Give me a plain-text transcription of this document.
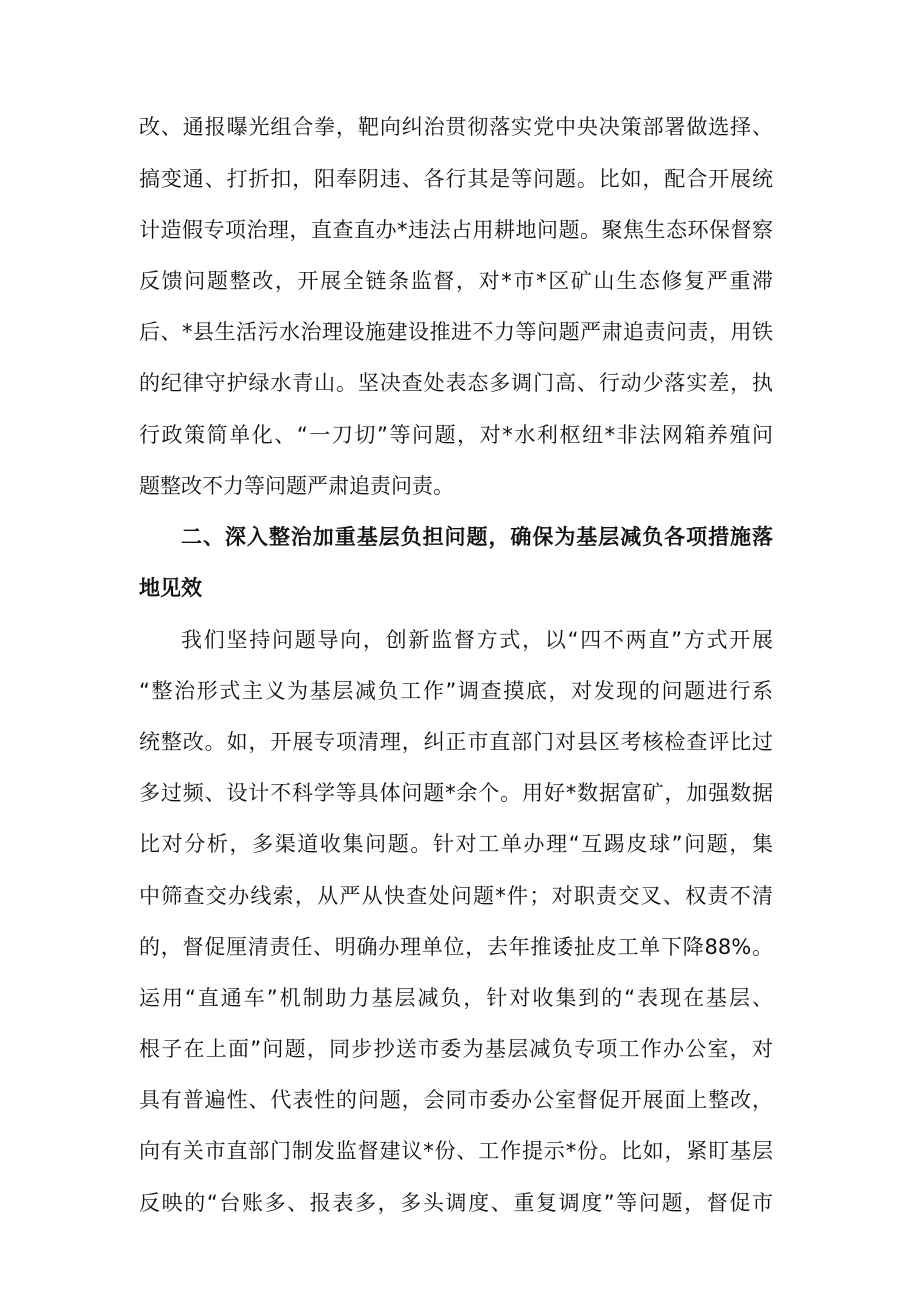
改、通报曝光组合拳，靶向纠治贯彻落实党中央决策部署做选择、
搞变通、打折扣，阳奉阴违、各行其是等问题。比如，配合开展统
计造假专项治理，直查直办*违法占用耕地问题。聚焦生态环保督察
反馈问题整改，开展全链条监督，对*市*区矿山生态修复严重滞
后、*县生活污水治理设施建设推进不力等问题严肃追责问责，用铁
的纪律守护绿水青山。坚决查处表态多调门高、行动少落实差，执
行政策简单化、“一刀切”等问题，对*水利枢纽*非法网箱养殖问
题整改不力等问题严肃追责问责。
二、深入整治加重基层负担问题，确保为基层减负各项措施落
地见效
我们坚持问题导向，创新监督方式，以“四不两直”方式开展
“整治形式主义为基层减负工作”调查摸底，对发现的问题进行系
统整改。如，开展专项清理，纠正市直部门对县区考核检查评比过
多过频、设计不科学等具体问题*余个。用好*数据富矿，加强数据
比对分析，多渠道收集问题。针对工单办理“互踢皮球”问题，集
中筛查交办线索，从严从快查处问题*件；对职责交叉、权责不清
的，督促厘清责任、明确办理单位，去年推诿扯皮工单下降88%。
运用“直通车”机制助力基层减负，针对收集到的“表现在基层、
根子在上面”问题，同步抄送市委为基层减负专项工作办公室，对
具有普遍性、代表性的问题，会同市委办公室督促开展面上整改，
向有关市直部门制发监督建议*份、工作提示*份。比如，紧盯基层
反映的“台账多、报表多，多头调度、重复调度”等问题，督促市
